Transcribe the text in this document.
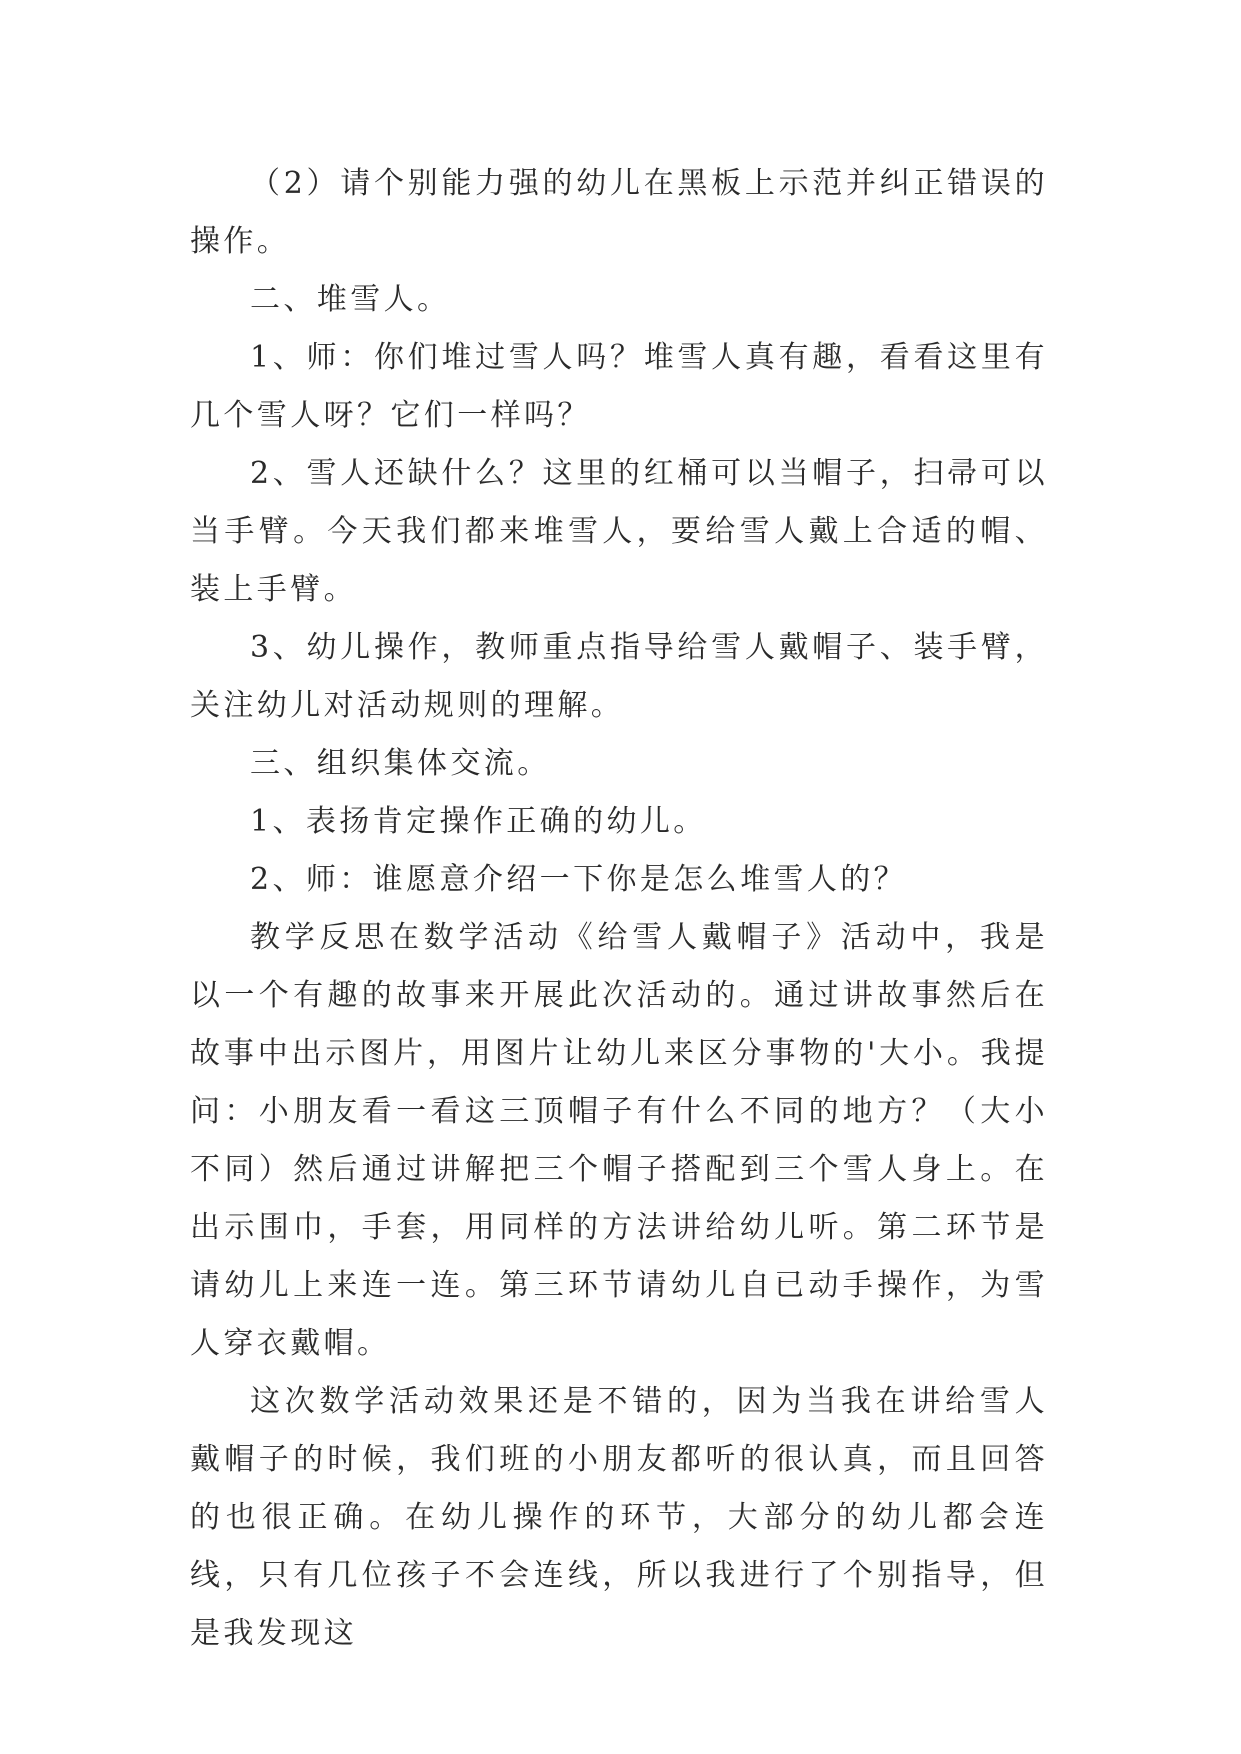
（2）请个别能力强的幼儿在黑板上示范并纠正错误的操作。

二、堆雪人。

1、师：你们堆过雪人吗？堆雪人真有趣，看看这里有几个雪人呀？它们一样吗？

2、雪人还缺什么？这里的红桶可以当帽子，扫帚可以当手臂。今天我们都来堆雪人，要给雪人戴上合适的帽、装上手臂。

3、幼儿操作，教师重点指导给雪人戴帽子、装手臂，关注幼儿对活动规则的理解。

三、组织集体交流。

1、表扬肯定操作正确的幼儿。

2、师：谁愿意介绍一下你是怎么堆雪人的？

教学反思在数学活动《给雪人戴帽子》活动中，我是以一个有趣的故事来开展此次活动的。通过讲故事然后在故事中出示图片，用图片让幼儿来区分事物的'大小。我提问：小朋友看一看这三顶帽子有什么不同的地方？（大小不同）然后通过讲解把三个帽子搭配到三个雪人身上。在出示围巾，手套，用同样的方法讲给幼儿听。第二环节是请幼儿上来连一连。第三环节请幼儿自已动手操作，为雪人穿衣戴帽。

这次数学活动效果还是不错的，因为当我在讲给雪人戴帽子的时候，我们班的小朋友都听的很认真，而且回答的也很正确。在幼儿操作的环节，大部分的幼儿都会连线，只有几位孩子不会连线，所以我进行了个别指导，但是我发现这
